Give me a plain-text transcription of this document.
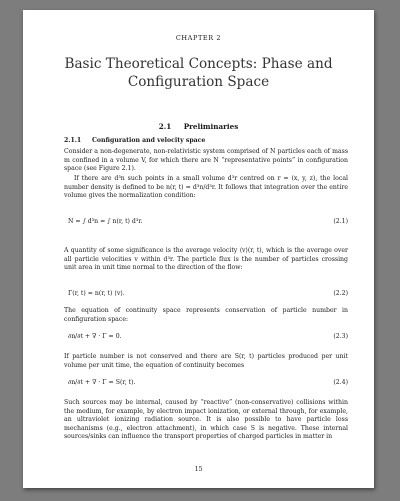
CHAPTER 2
Basic Theoretical Concepts: Phase and
Configuration Space
2.1     Preliminaries
2.1.1     Configuration and velocity space

Consider a non-degenerate, non-relativistic system comprised of N particles each of mass m confined in a volume V, for which there are N “representative points” in configuration space (see Figure 2.1).

If there are d³n such points in a small volume d³r centred on r = (x, y, z), the local number density is defined to be n(r, t) = d³n/d³r. It follows that integration over the entire volume gives the normalization condition:

N = ∫ d³n = ∫ n(r, t) d³r.	(2.1)

A quantity of some significance is the average velocity ⟨v⟩(r, t), which is the average over all particle velocities v within d³r. The particle flux is the number of particles crossing unit area in unit time normal to the direction of the flow:

Γ(r, t) = n(r, t) ⟨v⟩.	(2.2)

The equation of continuity space represents conservation of particle number in configuration space:

∂n/∂t + ∇ · Γ = 0.	(2.3)

If particle number is not conserved and there are S(r, t) particles produced per unit volume per unit time, the equation of continuity becomes

∂n/∂t + ∇ · Γ = S(r, t).	(2.4)

Such sources may be internal, caused by “reactive” (non-conservative) collisions within the medium, for example, by electron impact ionization, or external through, for example, an ultraviolet ionizing radiation source. It is also possible to have particle loss mechanisms (e.g., electron attachment), in which case S is negative. These internal sources/sinks can influence the transport properties of charged particles in matter in

15
